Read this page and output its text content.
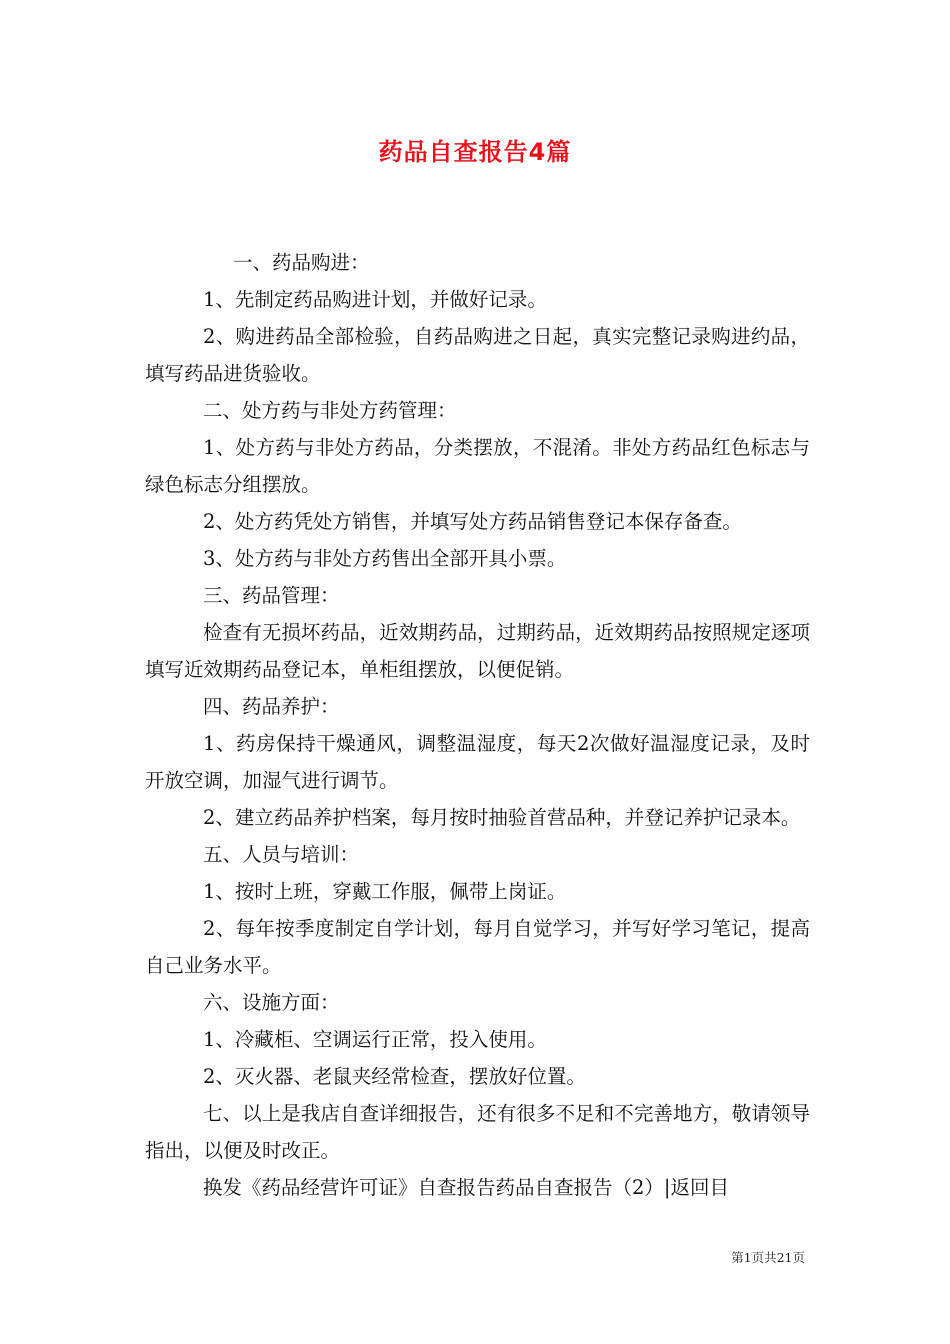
药品自查报告4篇

一、药品购进：

1、先制定药品购进计划，并做好记录。

2、购进药品全部检验，自药品购进之日起，真实完整记录购进约品，填写药品进货验收。

二、处方药与非处方药管理：

1、处方药与非处方药品，分类摆放，不混淆。非处方药品红色标志与绿色标志分组摆放。

2、处方药凭处方销售，并填写处方药品销售登记本保存备查。

3、处方药与非处方药售出全部开具小票。

三、药品管理：

检查有无损坏药品，近效期药品，过期药品，近效期药品按照规定逐项填写近效期药品登记本，单柜组摆放，以便促销。

四、药品养护：

1、药房保持干燥通风，调整温湿度，每天2次做好温湿度记录，及时开放空调，加湿气进行调节。

2、建立药品养护档案，每月按时抽验首营品种，并登记养护记录本。

五、人员与培训：

1、按时上班，穿戴工作服，佩带上岗证。

2、每年按季度制定自学计划，每月自觉学习，并写好学习笔记，提高自己业务水平。

六、设施方面：

1、冷藏柜、空调运行正常，投入使用。

2、灭火器、老鼠夹经常检查，摆放好位置。

七、以上是我店自查详细报告，还有很多不足和不完善地方，敬请领导指出，以便及时改正。

换发《药品经营许可证》自查报告药品自查报告（2）|返回目

第1页共21页
